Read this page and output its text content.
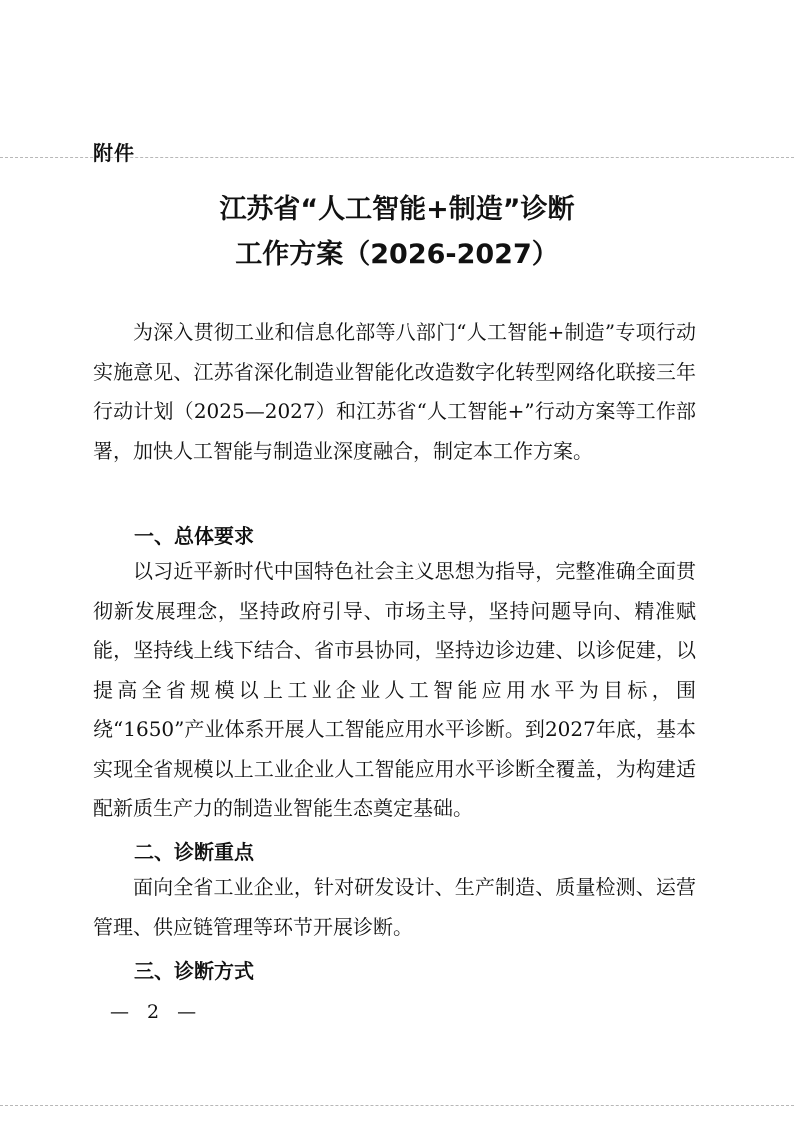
附件
江苏省“人工智能+制造”诊断
工作方案（2026-2027）
为深入贯彻工业和信息化部等八部门“人工智能+制造”专项行动实施意见、江苏省深化制造业智能化改造数字化转型网络化联接三年行动计划（2025—2027）和江苏省“人工智能+”行动方案等工作部署，加快人工智能与制造业深度融合，制定本工作方案。
一、总体要求
以习近平新时代中国特色社会主义思想为指导，完整准确全面贯彻新发展理念，坚持政府引导、市场主导，坚持问题导向、精准赋能，坚持线上线下结合、省市县协同，坚持边诊边建、以诊促建，以提高全省规模以上工业企业人工智能应用水平为目标，围绕“1650”产业体系开展人工智能应用水平诊断。到2027年底，基本实现全省规模以上工业企业人工智能应用水平诊断全覆盖，为构建适配新质生产力的制造业智能生态奠定基础。
二、诊断重点
面向全省工业企业，针对研发设计、生产制造、质量检测、运营管理、供应链管理等环节开展诊断。
三、诊断方式
— 2 —
